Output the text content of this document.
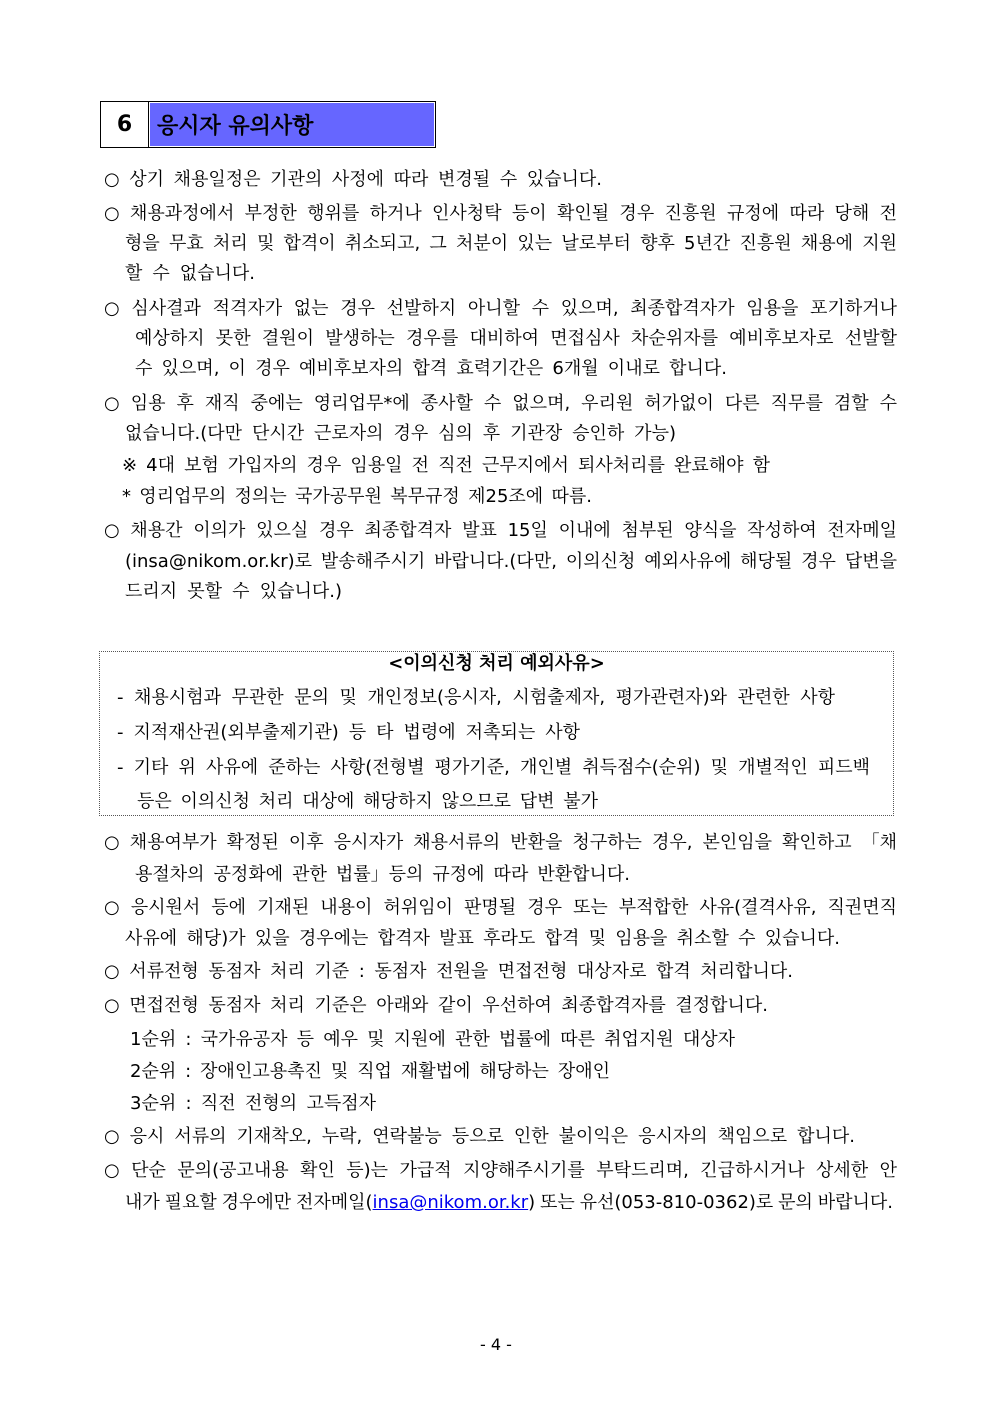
6	응시자 유의사항
○ 상기 채용일정은 기관의 사정에 따라 변경될 수 있습니다.
○ 채용과정에서 부정한 행위를 하거나 인사청탁 등이 확인될 경우 진흥원 규정에 따라 당해 전
형을 무효 처리 및 합격이 취소되고, 그 처분이 있는 날로부터 향후 5년간 진흥원 채용에 지원
할 수 없습니다.
○ 심사결과 적격자가 없는 경우 선발하지 아니할 수 있으며, 최종합격자가 임용을 포기하거나
예상하지 못한 결원이 발생하는 경우를 대비하여 면접심사 차순위자를 예비후보자로 선발할
수 있으며, 이 경우 예비후보자의 합격 효력기간은 6개월 이내로 합니다.
○ 임용 후 재직 중에는 영리업무*에 종사할 수 없으며, 우리원 허가없이 다른 직무를 겸할 수
없습니다.(다만 단시간 근로자의 경우 심의 후 기관장 승인하 가능)
※ 4대 보험 가입자의 경우 임용일 전 직전 근무지에서 퇴사처리를 완료해야 함
* 영리업무의 정의는 국가공무원 복무규정 제25조에 따름.
○ 채용간 이의가 있으실 경우 최종합격자 발표 15일 이내에 첨부된 양식을 작성하여 전자메일
(insa@nikom.or.kr)로 발송해주시기 바랍니다.(다만, 이의신청 예외사유에 해당될 경우 답변을
드리지 못할 수 있습니다.)
<이의신청 처리 예외사유>
- 채용시험과 무관한 문의 및 개인정보(응시자, 시험출제자, 평가관련자)와 관련한 사항
- 지적재산권(외부출제기관) 등 타 법령에 저촉되는 사항
- 기타 위 사유에 준하는 사항(전형별 평가기준, 개인별 취득점수(순위) 및 개별적인 피드백
등은 이의신청 처리 대상에 해당하지 않으므로 답변 불가
○ 채용여부가 확정된 이후 응시자가 채용서류의 반환을 청구하는 경우, 본인임을 확인하고 「채
용절차의 공정화에 관한 법률」등의 규정에 따라 반환합니다.
○ 응시원서 등에 기재된 내용이 허위임이 판명될 경우 또는 부적합한 사유(결격사유, 직권면직
사유에 해당)가 있을 경우에는 합격자 발표 후라도 합격 및 임용을 취소할 수 있습니다.
○ 서류전형 동점자 처리 기준 : 동점자 전원을 면접전형 대상자로 합격 처리합니다.
○ 면접전형 동점자 처리 기준은 아래와 같이 우선하여 최종합격자를 결정합니다.
1순위 : 국가유공자 등 예우 및 지원에 관한 법률에 따른 취업지원 대상자
2순위 : 장애인고용촉진 및 직업 재활법에 해당하는 장애인
3순위 : 직전 전형의 고득점자
○ 응시 서류의 기재착오, 누락, 연락불능 등으로 인한 불이익은 응시자의 책임으로 합니다.
○ 단순 문의(공고내용 확인 등)는 가급적 지양해주시기를 부탁드리며, 긴급하시거나 상세한 안
내가 필요할 경우에만 전자메일(insa@nikom.or.kr) 또는 유선(053-810-0362)로 문의 바랍니다.
- 4 -
